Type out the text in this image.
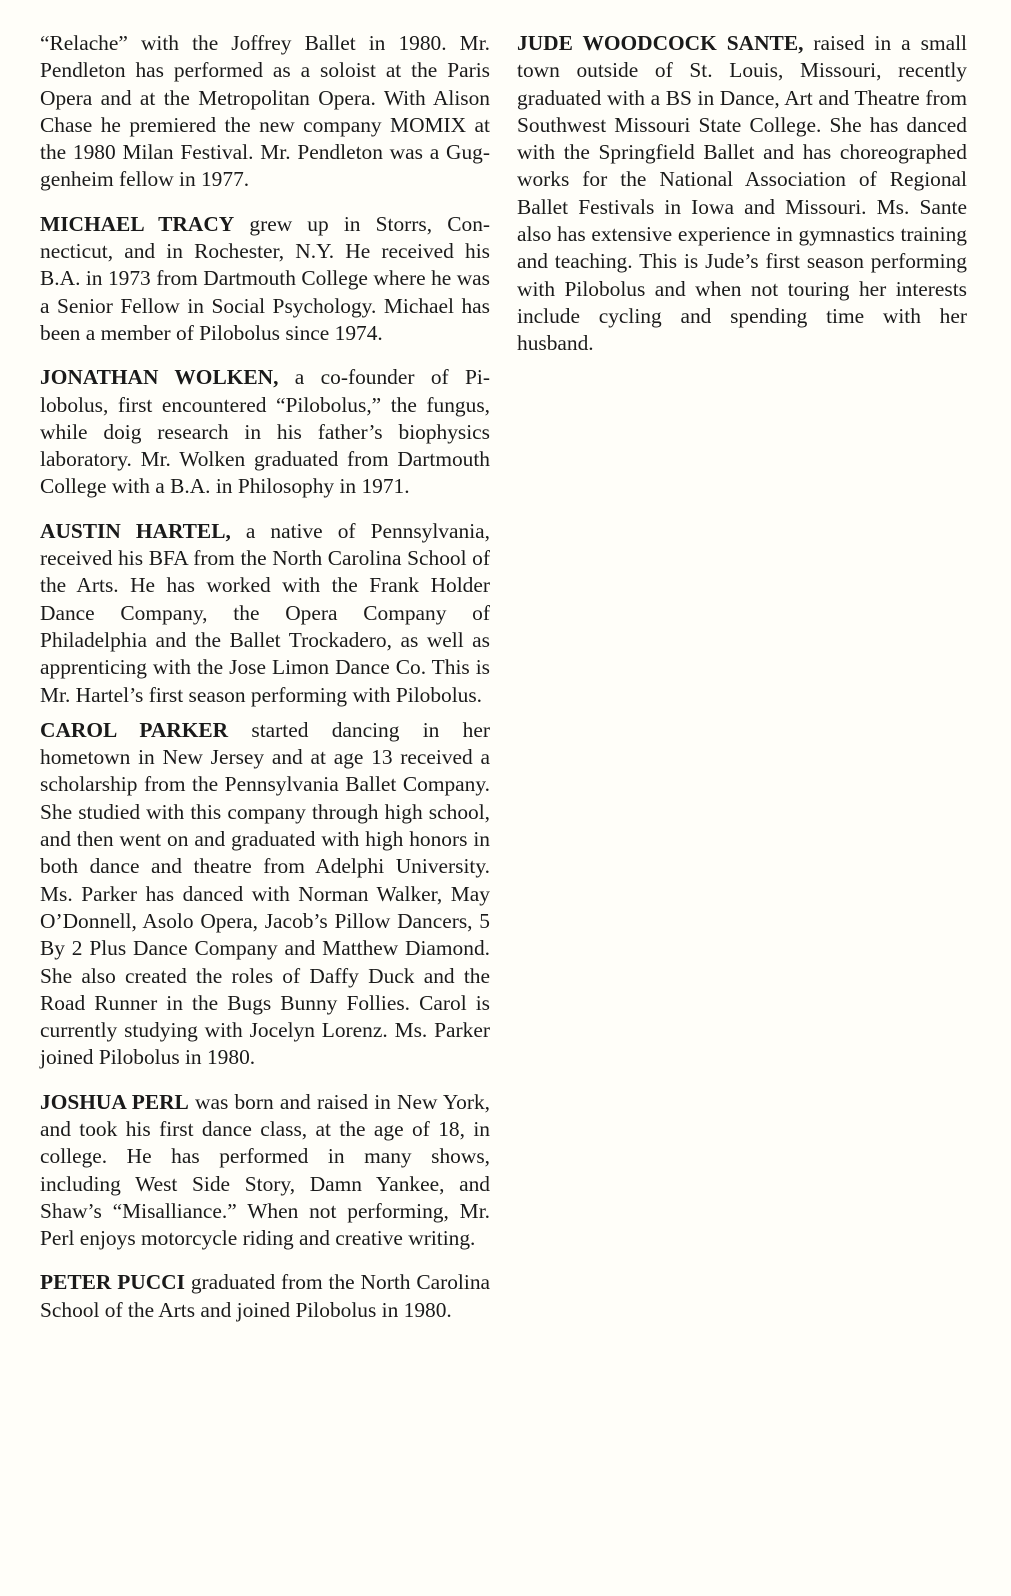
“Relache” with the Joffrey Ballet in 1980. Mr. Pendleton has performed as a soloist at the Paris Opera and at the Metropolitan Opera. With Alison Chase he premiered the new company MOMIX at the 1980 Milan Festival. Mr. Pendleton was a Guggenheim fellow in 1977.

MICHAEL TRACY grew up in Storrs, Connecticut, and in Rochester, N.Y. He received his B.A. in 1973 from Dartmouth College where he was a Senior Fellow in Social Psychology. Michael has been a member of Pilobolus since 1974.

JONATHAN WOLKEN, a co-founder of Pilobolus, first encountered “Pilobolus,” the fungus, while doig research in his father’s biophysics laboratory. Mr. Wolken graduated from Dartmouth College with a B.A. in Philosophy in 1971.

AUSTIN HARTEL, a native of Pennsylvania, received his BFA from the North Carolina School of the Arts. He has worked with the Frank Holder Dance Company, the Opera Company of Philadelphia and the Ballet Trockadero, as well as apprenticing with the Jose Limon Dance Co. This is Mr. Hartel’s first season performing with Pilobolus.

CAROL PARKER started dancing in her hometown in New Jersey and at age 13 received a scholarship from the Pennsylvania Ballet Company. She studied with this company through high school, and then went on and graduated with high honors in both dance and theatre from Adelphi University. Ms. Parker has danced with Norman Walker, May O’Donnell, Asolo Opera, Jacob’s Pillow Dancers, 5 By 2 Plus Dance Company and Matthew Diamond. She also created the roles of Daffy Duck and the Road Runner in the Bugs Bunny Follies. Carol is currently studying with Jocelyn Lorenz. Ms. Parker joined Pilobolus in 1980.

JOSHUA PERL was born and raised in New York, and took his first dance class, at the age of 18, in college. He has performed in many shows, including West Side Story, Damn Yankee, and Shaw’s “Misalliance.” When not performing, Mr. Perl enjoys motorcycle riding and creative writing.

PETER PUCCI graduated from the North Carolina School of the Arts and joined Pilobolus in 1980.

JUDE WOODCOCK SANTE, raised in a small town outside of St. Louis, Missouri, recently graduated with a BS in Dance, Art and Theatre from Southwest Missouri State College. She has danced with the Springfield Ballet and has choreographed works for the National Association of Regional Ballet Festivals in Iowa and Missouri. Ms. Sante also has extensive experience in gymnastics training and teaching. This is Jude’s first season performing with Pilobolus and when not touring her interests include cycling and spending time with her husband.
